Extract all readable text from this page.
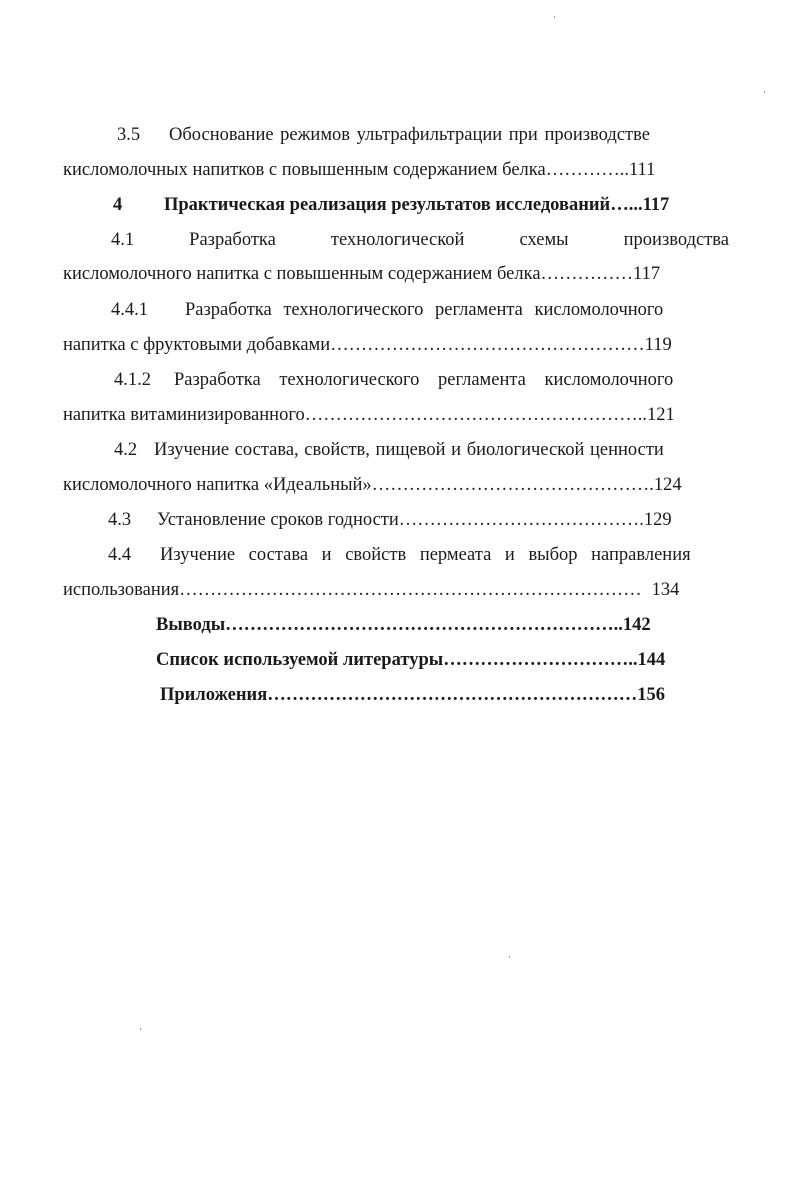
3.5 Обоснование режимов ультрафильтрации при производстве
кисломолочных напитков с повышенным содержанием белка…………..111
4 Практическая реализация результатов исследований…...117
4.1	Разработка	технологической	схемы	производства
кисломолочного напитка с повышенным содержанием белка……………117
4.4.1 Разработка технологического регламента кисломолочного
напитка с фруктовыми добавками……………………………………………119
4.1.2 Разработка технологического регламента кисломолочного
напитка витаминизированного………………………………………………..121
4.2 Изучение состава, свойств, пищевой и биологической ценности
кисломолочного напитка «Идеальный»……………………………………….124
4.3 Установление сроков годности………………………………….129
4.4 Изучение состава и свойств пермеата и выбор направления
использования………………………………………………………………… 134
Выводы………………………………………………………..142
Список используемой литературы…………………………..144
Приложения……………………………………………………156
